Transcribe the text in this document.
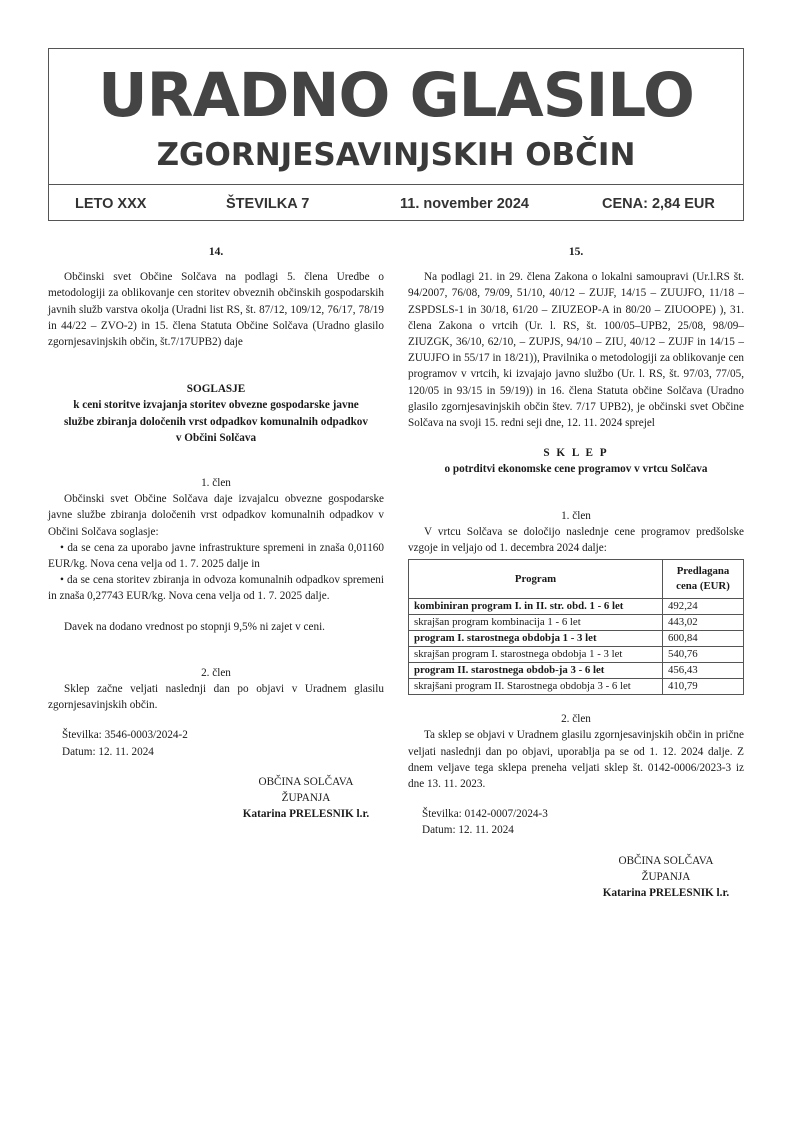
URADNO GLASILO
ZGORNJESAVINJSKIH OBČIN
LETO XXX	ŠTEVILKA 7	11. november 2024	CENA: 2,84 EUR
14.

Občinski svet Občine Solčava na podlagi 5. člena Uredbe o metodologiji za oblikovanje cen storitev obveznih občinskih gospodarskih javnih služb varstva okolja (Uradni list RS, št. 87/12, 109/12, 76/17, 78/19 in 44/22 – ZVO-2) in 15. člena Statuta Občine Solčava (Uradno glasilo zgornjesavinjskih občin, št.7/17UPB2) daje

SOGLASJE

k ceni storitve izvajanja storitev obvezne gospodarske javne službe zbiranja določenih vrst odpadkov komunalnih odpadkov v Občini Solčava

1. člen

Občinski svet Občine Solčava daje izvajalcu obvezne gospodarske javne službe zbiranja določenih vrst odpadkov komunalnih odpadkov v Občini Solčava soglasje:

• da se cena za uporabo javne infrastrukture spremeni in znaša 0,01160 EUR/kg. Nova cena velja od 1. 7. 2025 dalje in

• da se cena storitev zbiranja in odvoza komunalnih odpadkov spremeni in znaša 0,27743 EUR/kg. Nova cena velja od 1. 7. 2025 dalje.

Davek na dodano vrednost po stopnji 9,5% ni zajet v ceni.

2. člen

Sklep začne veljati naslednji dan po objavi v Uradnem glasilu zgornjesavinjskih občin.

Številka: 3546-0003/2024-2

Datum: 12. 11. 2024

OBČINA SOLČAVA

ŽUPANJA

Katarina PRELESNIK l.r.

15.

Na podlagi 21. in 29. člena Zakona o lokalni samoupravi (Ur.l.RS št. 94/2007, 76/08, 79/09, 51/10, 40/12 – ZUJF, 14/15 – ZUUJFO, 11/18 – ZSPDSLS-1 in 30/18, 61/20 – ZIUZEOP-A in 80/20 – ZIUOOPE) ), 31. člena Zakona o vrtcih (Ur. l. RS, št. 100/05–UPB2, 25/08, 98/09–ZIUZGK, 36/10, 62/10, – ZUPJS, 94/10 – ZIU, 40/12 – ZUJF in 14/15 – ZUUJFO in 55/17 in 18/21)), Pravilnika o metodologiji za oblikovanje cen programov v vrtcih, ki izvajajo javno službo (Ur. l. RS, št. 97/03, 77/05, 120/05 in 93/15 in 59/19)) in 16. člena Statuta občine Solčava (Uradno glasilo zgornjesavinjskih občin štev. 7/17 UPB2), je občinski svet Občine Solčava na svoji 15. redni seji dne, 12. 11. 2024 sprejel

S K L E P

o potrditvi ekonomske cene programov v vrtcu Solčava

1. člen

V vrtcu Solčava se določijo naslednje cene programov predšolske vzgoje in veljajo od 1. decembra 2024 dalje:

Program	Predlagana cena (EUR)
kombiniran program I. in II. str. obd. 1 - 6 let	492,24
skrajšan program kombinacija 1 - 6 let	443,02
program I. starostnega obdobja 1 - 3 let	600,84
skrajšan program I. starostnega obdobja 1 - 3 let	540,76
program II. starostnega obdob-ja 3 - 6 let	456,43
skrajšani program II. Starostnega obdobja 3 - 6 let	410,79

2. člen

Ta sklep se objavi v Uradnem glasilu zgornjesavinjskih občin in prične veljati naslednji dan po objavi, uporablja pa se od 1. 12. 2024 dalje. Z dnem veljave tega sklepa preneha veljati sklep št. 0142-0006/2023-3 iz dne 13. 11. 2023.

Številka: 0142-0007/2024-3

Datum: 12. 11. 2024

OBČINA SOLČAVA

ŽUPANJA

Katarina PRELESNIK l.r.
